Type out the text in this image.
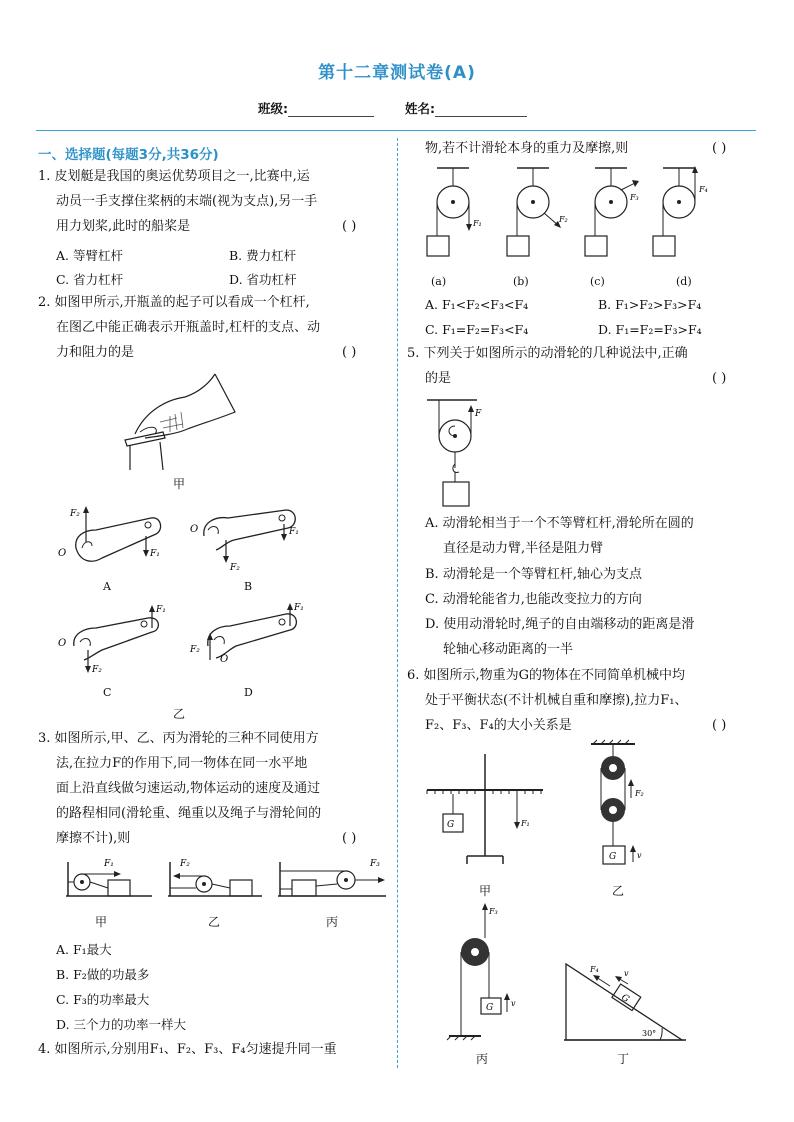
第十二章测试卷(A)
班级:	姓名:
一、选择题(每题3分,共36分)
1. 皮划艇是我国的奥运优势项目之一,比赛中,运
动员一手支撑住桨柄的末端(视为支点),另一手
用力划桨,此时的船桨是	( )
A. 等臂杠杆	B. 费力杠杆
C. 省力杠杆	D. 省功杠杆
2. 如图甲所示,开瓶盖的起子可以看成一个杠杆,
在图乙中能正确表示开瓶盖时,杠杆的支点、动
力和阻力的是	( )
甲
F₂
F₁
O
A
F₂
F₁
O
B
F₂
F₁
O
C
F₂
F₁
O
D
乙
3. 如图所示,甲、乙、丙为滑轮的三种不同使用方
法,在拉力F的作用下,同一物体在同一水平地
面上沿直线做匀速运动,物体运动的速度及通过
的路程相同(滑轮重、绳重以及绳子与滑轮间的
摩擦不计),则	( )
F₁	F₂	F₃
甲	乙	丙
A. F₁最大
B. F₂做的功最多
C. F₃的功率最大
D. 三个力的功率一样大
4. 如图所示,分别用F₁、F₂、F₃、F₄匀速提升同一重
物,若不计滑轮本身的重力及摩擦,则	( )
F₁	F₂
F₃
F₄
(a)	(b)	(c)	(d)
A. F₁<F₂<F₃<F₄	B. F₁>F₂>F₃>F₄
C. F₁=F₂=F₃<F₄	D. F₁=F₂=F₃>F₄
5. 下列关于如图所示的动滑轮的几种说法中,正确
的是	( )
F
A. 动滑轮相当于一个不等臂杠杆,滑轮所在圆的
直径是动力臂,半径是阻力臂
B. 动滑轮是一个等臂杠杆,轴心为支点
C. 动滑轮能省力,也能改变拉力的方向
D. 使用动滑轮时,绳子的自由端移动的距离是滑
轮轴心移动距离的一半
6. 如图所示,物重为G的物体在不同简单机械中均
处于平衡状态(不计机械自重和摩擦),拉力F₁、
F₂、F₃、F₄的大小关系是	( )
G	F₁
甲
F₂
G	v
乙
F₃
G v
丙
G
F₄	v
30°
丁
